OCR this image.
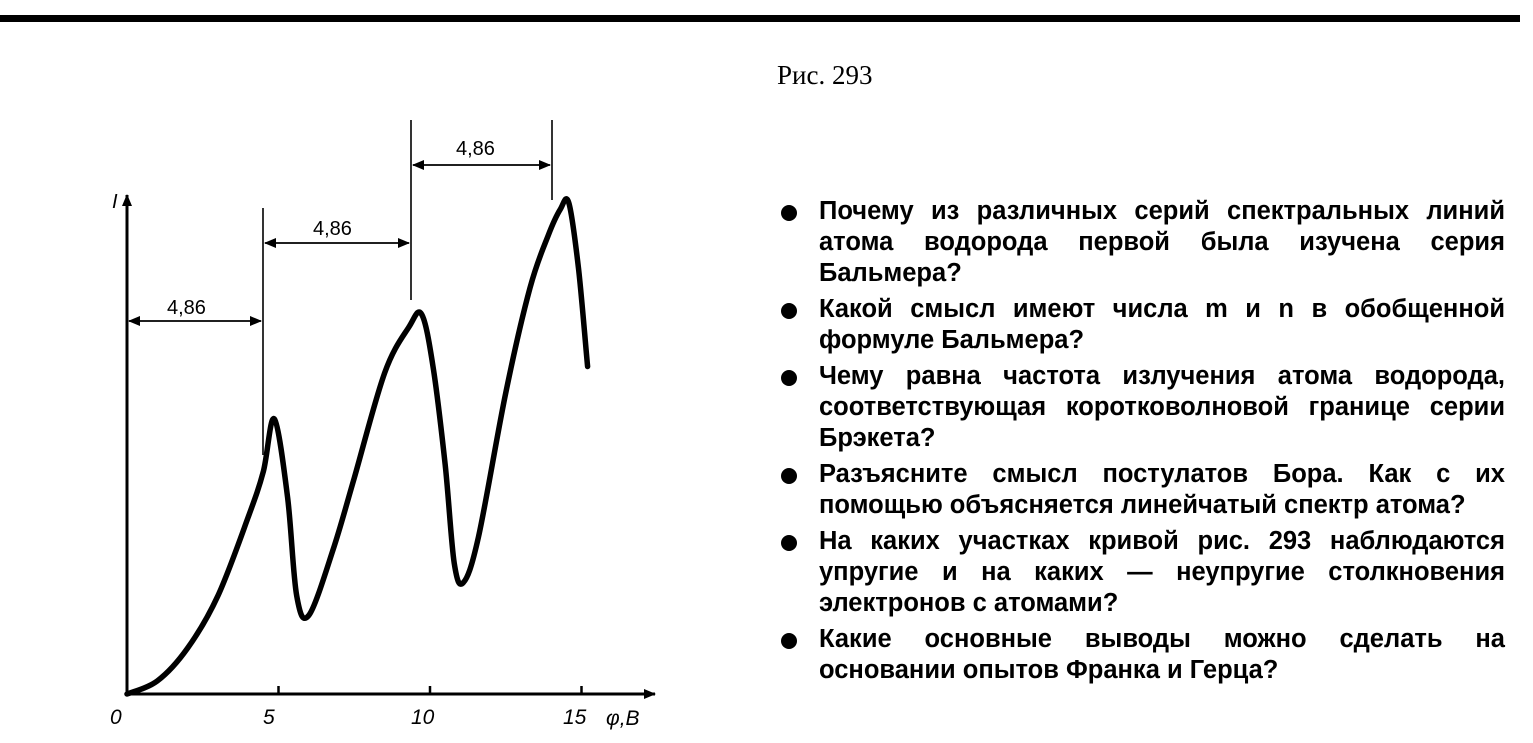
Рис. 293
I
φ,B
0	5	10	15
4,86
4,86
4,86
Почему из различных серий спектральных линий атома водорода первой была изучена серия Бальмера?
Какой смысл имеют числа m и n в обобщенной формуле Бальмера?
Чему равна частота излучения атома водорода, соответствующая коротковолновой границе серии Брэкета?
Разъясните смысл постулатов Бора. Как с их помощью объясняется линейчатый спектр атома?
На каких участках кривой рис. 293 наблюдаются упругие и на каких — неупругие столкновения электронов с атомами?
Какие основные выводы можно сделать на основании опытов Франка и Герца?
